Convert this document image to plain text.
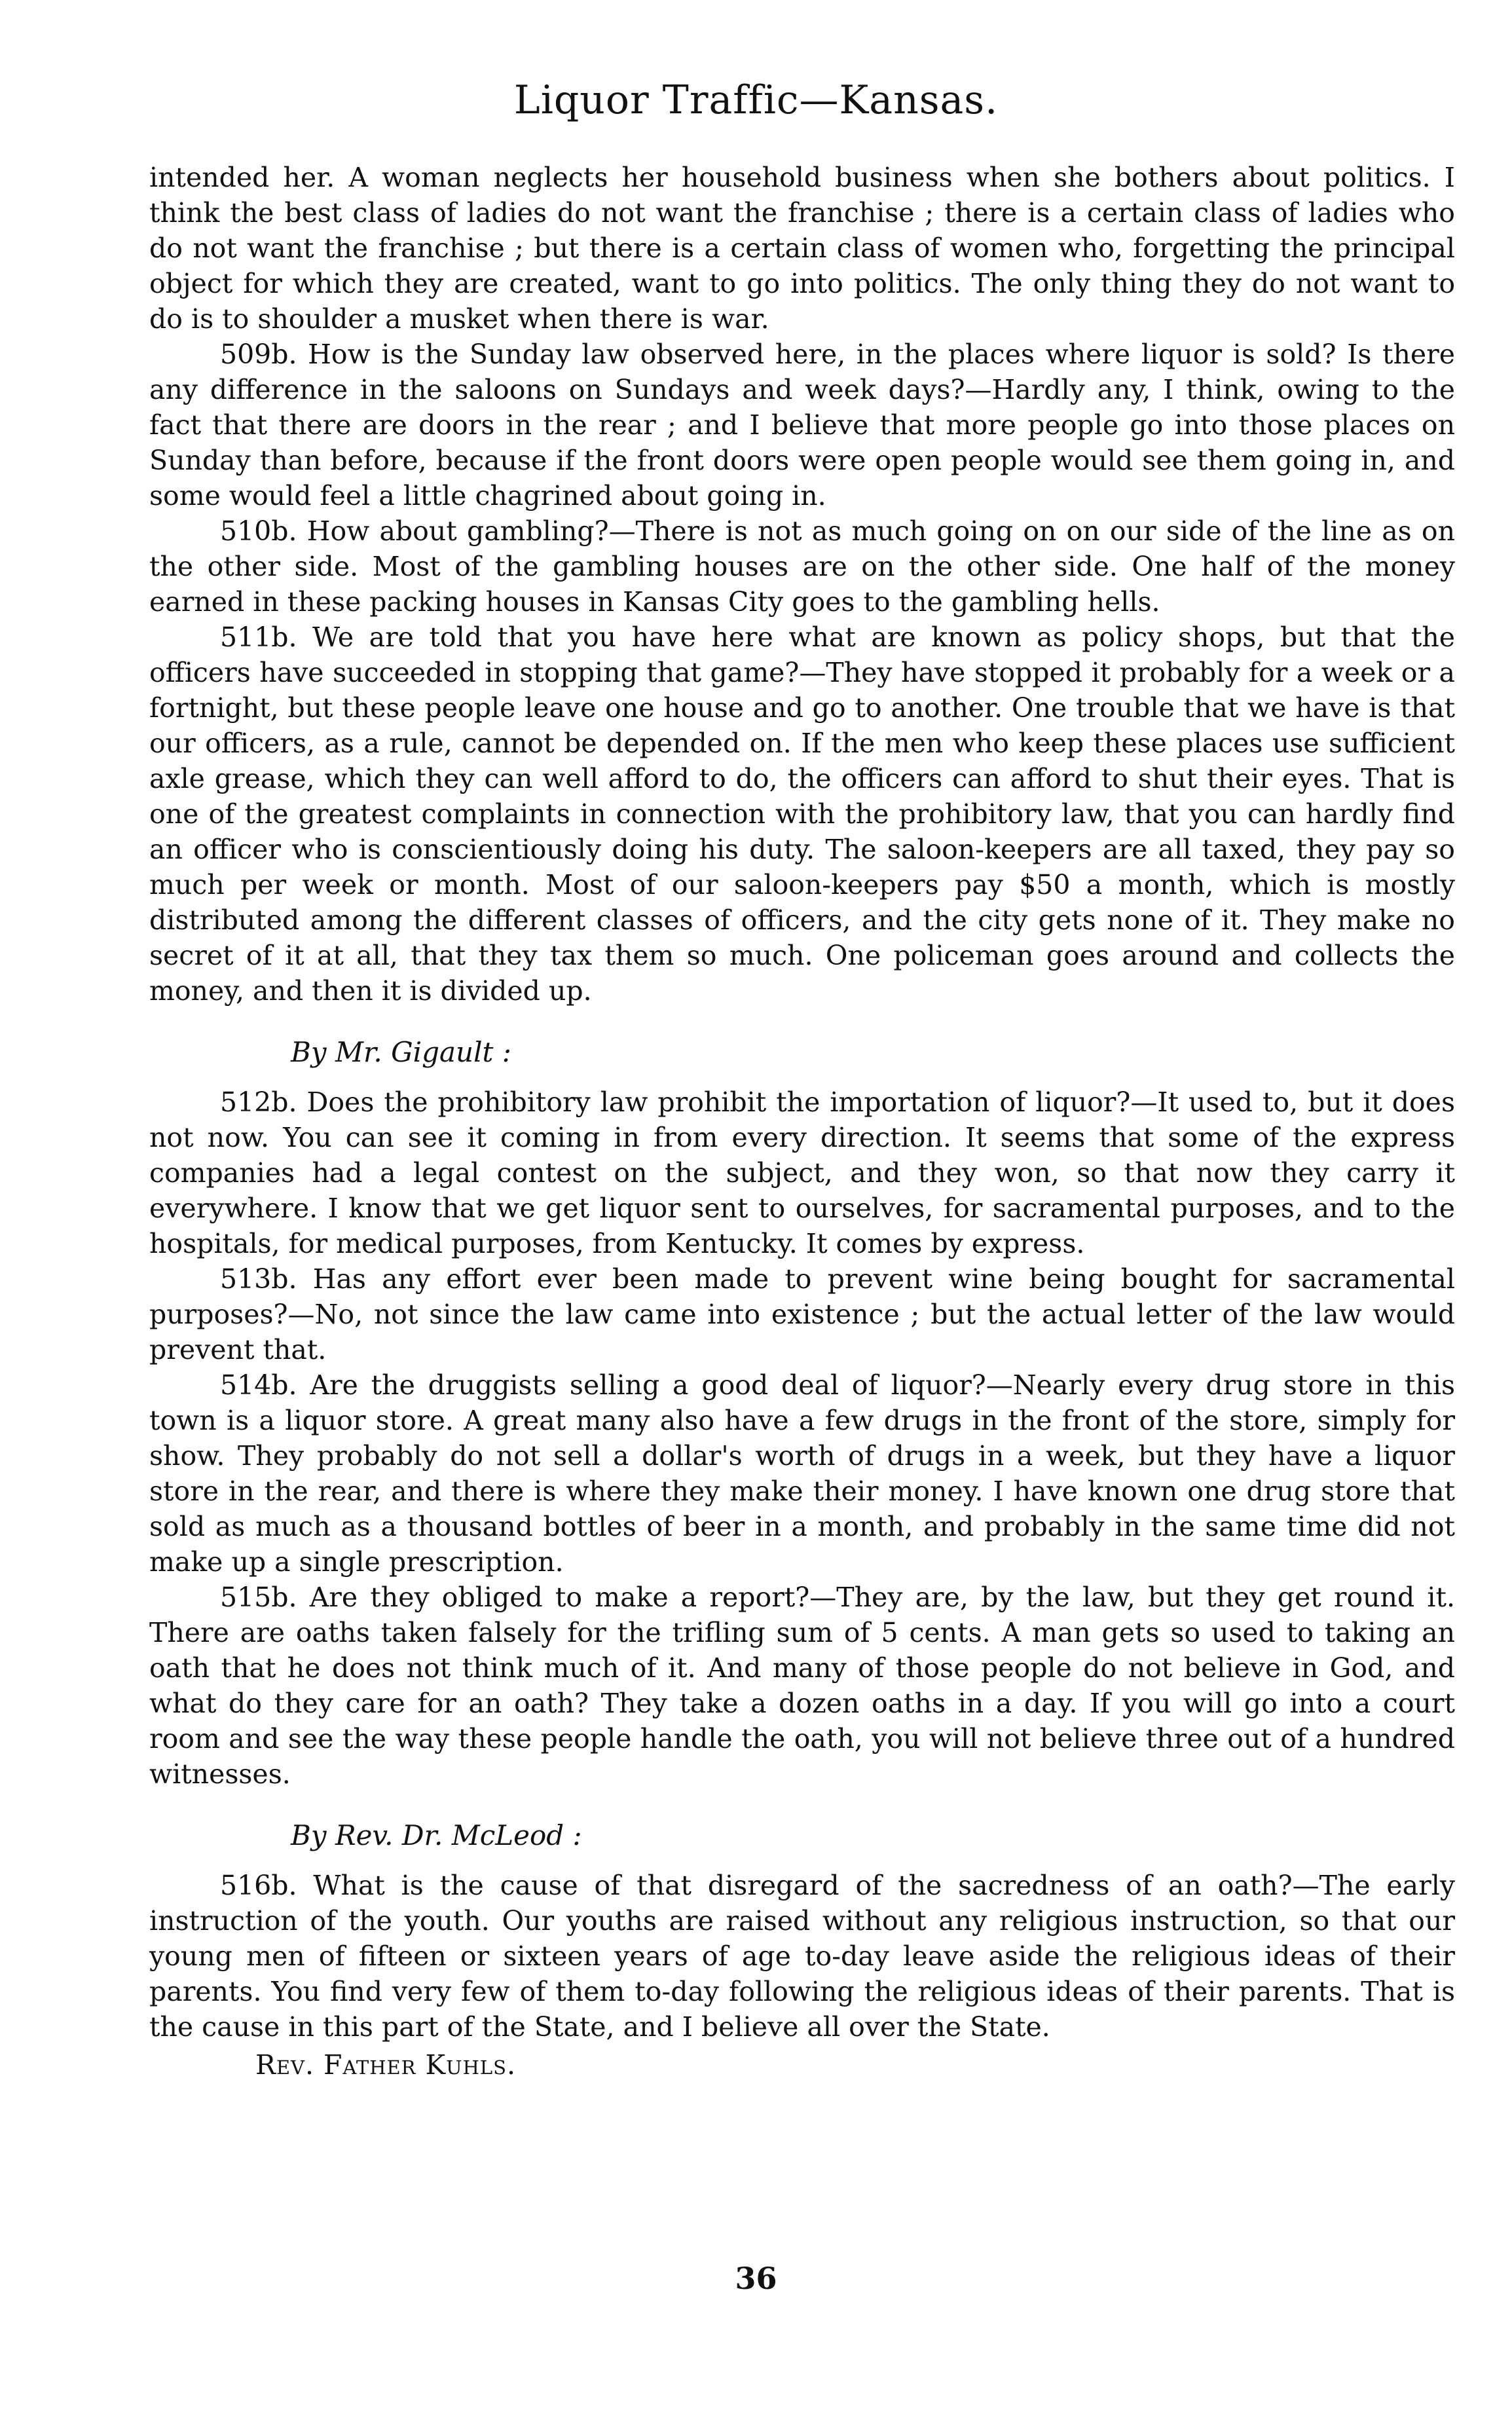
Liquor Traffic—Kansas.

intended her. A woman neglects her household business when she bothers about politics. I think the best class of ladies do not want the franchise ; there is a certain class of ladies who do not want the franchise ; but there is a certain class of women who, forgetting the principal object for which they are created, want to go into politics. The only thing they do not want to do is to shoulder a musket when there is war.

509b. How is the Sunday law observed here, in the places where liquor is sold? Is there any difference in the saloons on Sundays and week days?—Hardly any, I think, owing to the fact that there are doors in the rear ; and I believe that more people go into those places on Sunday than before, because if the front doors were open people would see them going in, and some would feel a little chagrined about going in.

510b. How about gambling?—There is not as much going on on our side of the line as on the other side. Most of the gambling houses are on the other side. One half of the money earned in these packing houses in Kansas City goes to the gambling hells.

511b. We are told that you have here what are known as policy shops, but that the officers have succeeded in stopping that game?—They have stopped it probably for a week or a fortnight, but these people leave one house and go to another. One trouble that we have is that our officers, as a rule, cannot be depended on. If the men who keep these places use sufficient axle grease, which they can well afford to do, the officers can afford to shut their eyes. That is one of the greatest complaints in connection with the prohibitory law, that you can hardly find an officer who is conscientiously doing his duty. The saloon-keepers are all taxed, they pay so much per week or month. Most of our saloon-keepers pay $50 a month, which is mostly distributed among the different classes of officers, and the city gets none of it. They make no secret of it at all, that they tax them so much. One policeman goes around and collects the money, and then it is divided up.

By Mr. Gigault :

512b. Does the prohibitory law prohibit the importation of liquor?—It used to, but it does not now. You can see it coming in from every direction. It seems that some of the express companies had a legal contest on the subject, and they won, so that now they carry it everywhere. I know that we get liquor sent to ourselves, for sacramental purposes, and to the hospitals, for medical purposes, from Kentucky. It comes by express.

513b. Has any effort ever been made to prevent wine being bought for sacramental purposes?—No, not since the law came into existence ; but the actual letter of the law would prevent that.

514b. Are the druggists selling a good deal of liquor?—Nearly every drug store in this town is a liquor store. A great many also have a few drugs in the front of the store, simply for show. They probably do not sell a dollar's worth of drugs in a week, but they have a liquor store in the rear, and there is where they make their money. I have known one drug store that sold as much as a thousand bottles of beer in a month, and probably in the same time did not make up a single prescription.

515b. Are they obliged to make a report?—They are, by the law, but they get round it. There are oaths taken falsely for the trifling sum of 5 cents. A man gets so used to taking an oath that he does not think much of it. And many of those people do not believe in God, and what do they care for an oath? They take a dozen oaths in a day. If you will go into a court room and see the way these people handle the oath, you will not believe three out of a hundred witnesses.

By Rev. Dr. McLeod :

516b. What is the cause of that disregard of the sacredness of an oath?—The early instruction of the youth. Our youths are raised without any religious instruction, so that our young men of fifteen or sixteen years of age to-day leave aside the religious ideas of their parents. You find very few of them to-day following the religious ideas of their parents. That is the cause in this part of the State, and I believe all over the State.

Rev. Father Kuhls.
36
